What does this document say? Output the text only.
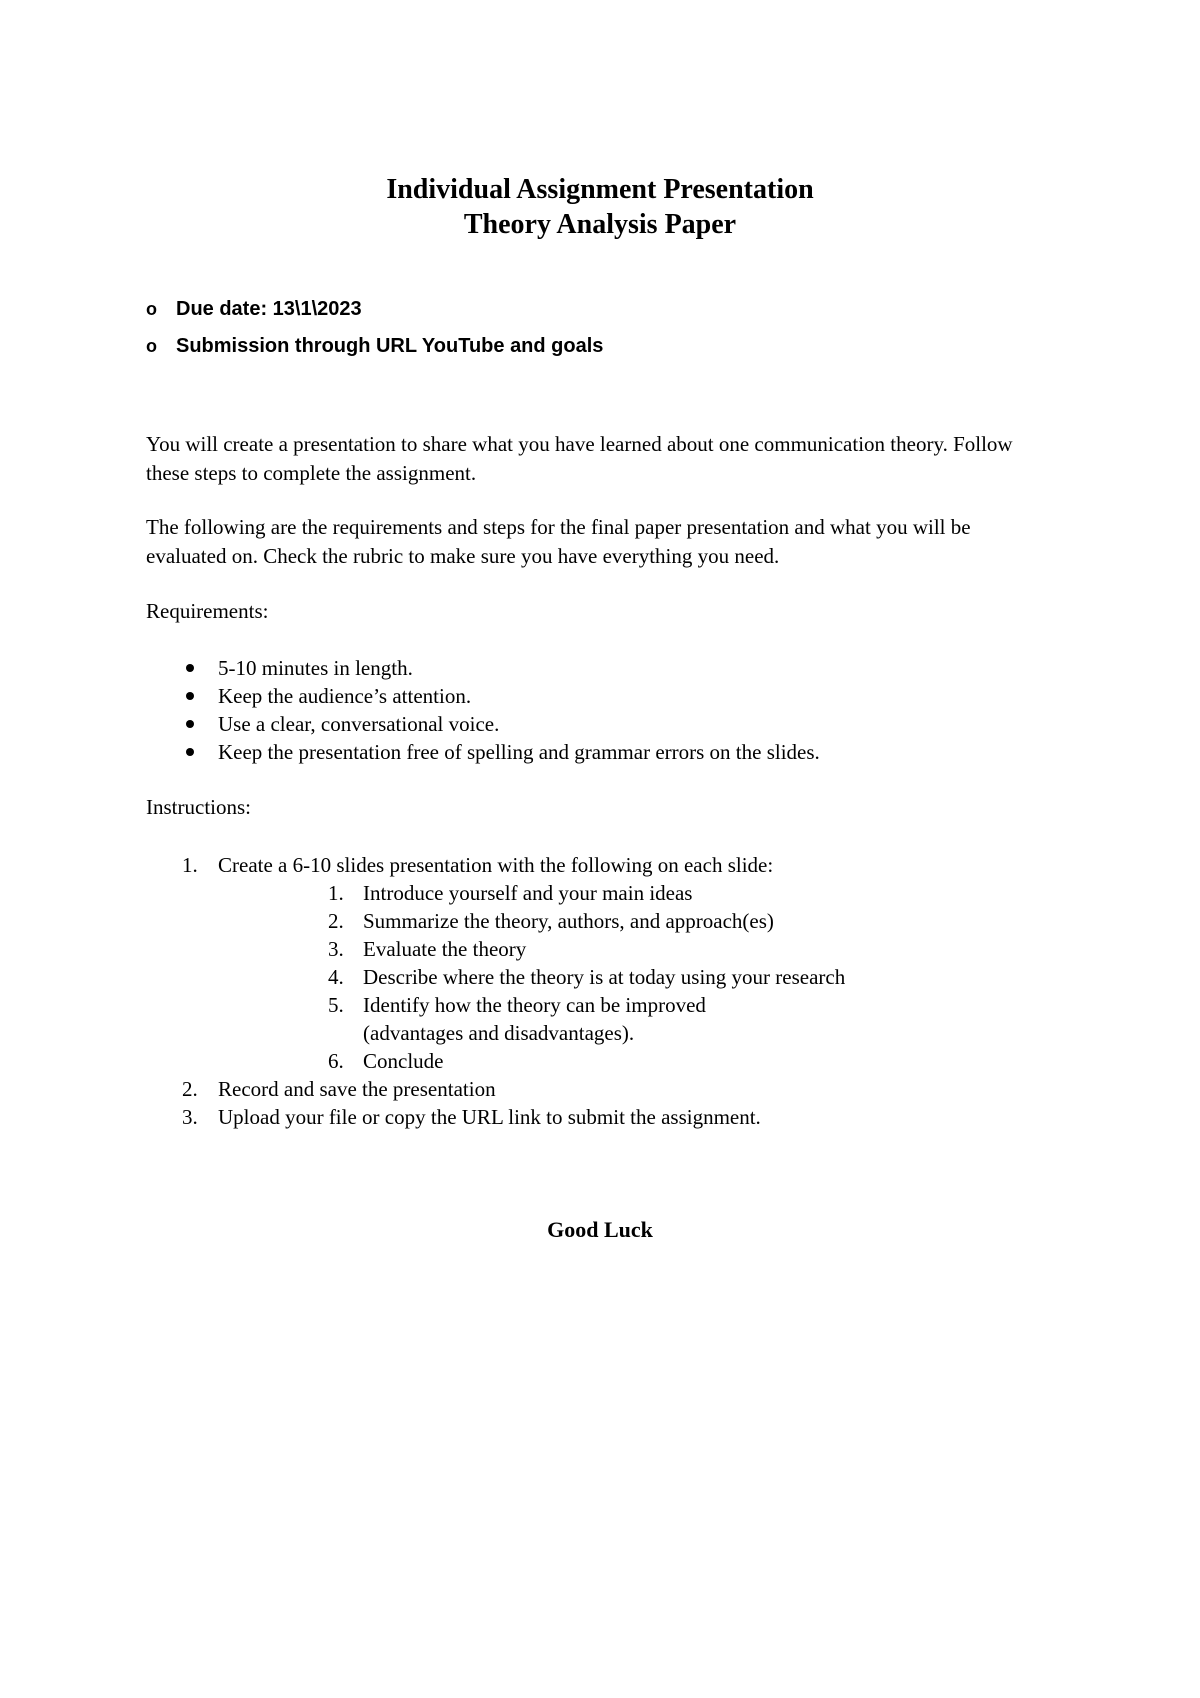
Individual Assignment Presentation
Theory Analysis Paper
o Due date: 13\1\2023
o Submission through URL YouTube and goals
You will create a presentation to share what you have learned about one communication theory. Follow these steps to complete the assignment.
The following are the requirements and steps for the final paper presentation and what you will be evaluated on. Check the rubric to make sure you have everything you need.
Requirements:
5-10 minutes in length.
Keep the audience’s attention.
Use a clear, conversational voice.
Keep the presentation free of spelling and grammar errors on the slides.
Instructions:
1. Create a 6-10 slides presentation with the following on each slide:
1. Introduce yourself and your main ideas
2. Summarize the theory, authors, and approach(es)
3. Evaluate the theory
4. Describe where the theory is at today using your research
5. Identify how the theory can be improved (advantages and disadvantages).
6. Conclude
2. Record and save the presentation
3. Upload your file or copy the URL link to submit the assignment.
Good Luck
